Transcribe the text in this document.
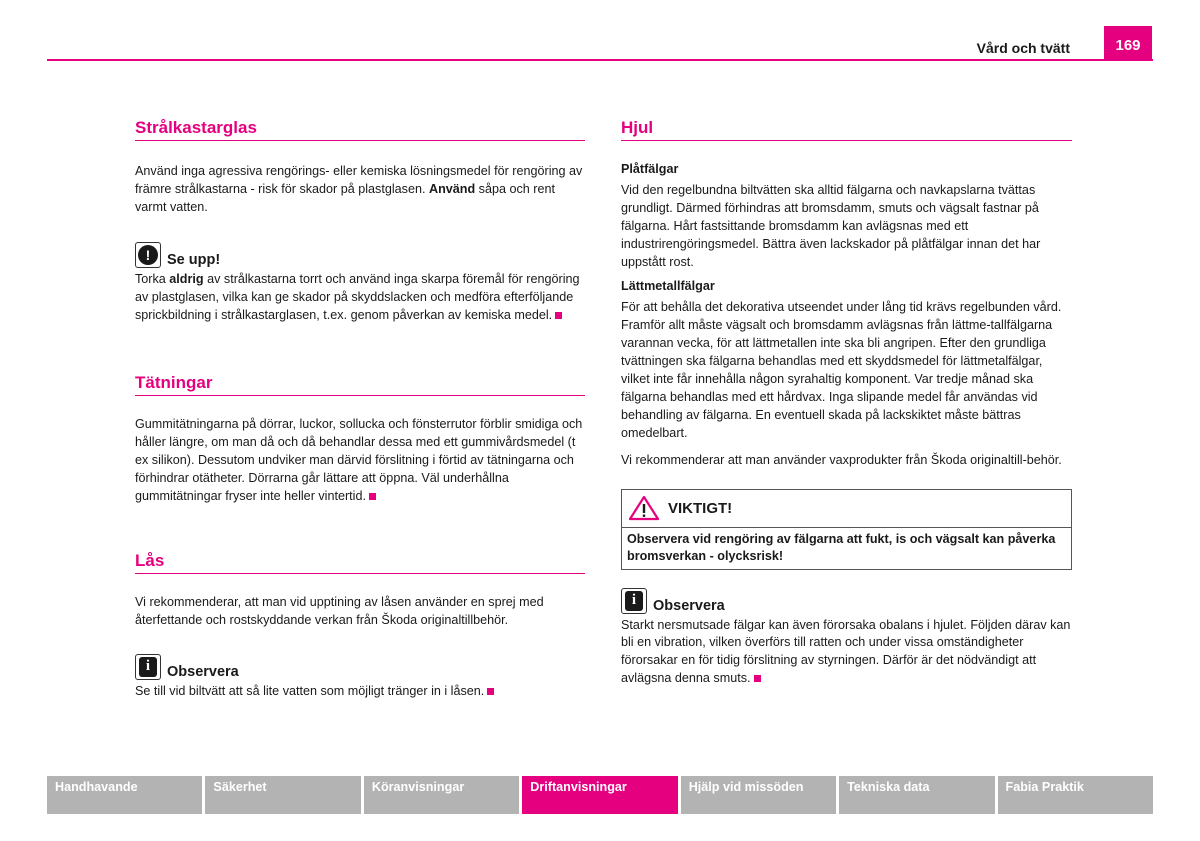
Vård och tvätt	169
Strålkastarglas

Använd inga agressiva rengörings- eller kemiska lösningsmedel för rengöring av främre strålkastarna - risk för skador på plastglasen. Använd såpa och rent varmt vatten.

!	Se upp!

Torka aldrig av strålkastarna torrt och använd inga skarpa föremål för rengöring av plastglasen, vilka kan ge skador på skyddslacken och medföra efterföljande sprickbildning i strålkastarglasen, t.ex. genom påverkan av kemiska medel.

Tätningar

Gummitätningarna på dörrar, luckor, sollucka och fönsterrutor förblir smidiga och håller längre, om man då och då behandlar dessa med ett gummivårdsmedel (t ex silikon). Dessutom undviker man därvid förslitning i förtid av tätningarna och förhindrar otätheter. Dörrarna går lättare att öppna. Väl underhållna gummitätningar fryser inte heller vintertid.

Lås

Vi rekommenderar, att man vid upptining av låsen använder en sprej med återfettande och rostskyddande verkan från Škoda originaltillbehör.

i	Observera

Se till vid biltvätt att så lite vatten som möjligt tränger in i låsen.

Hjul
Plåtfälgar

Vid den regelbundna biltvätten ska alltid fälgarna och navkapslarna tvättas grundligt. Därmed förhindras att bromsdamm, smuts och vägsalt fastnar på fälgarna. Hårt fastsittande bromsdamm kan avlägsnas med ett industrirengöringsmedel. Bättra även lackskador på plåtfälgar innan det har uppstått rost.

Lättmetallfälgar

För att behålla det dekorativa utseendet under lång tid krävs regelbunden vård. Framför allt måste vägsalt och bromsdamm avlägsnas från lättme-tallfälgarna varannan vecka, för att lättmetallen inte ska bli angripen. Efter den grundliga tvättningen ska fälgarna behandlas med ett skyddsmedel för lättmetalfälgar, vilket inte får innehålla någon syrahaltig komponent. Var tredje månad ska fälgarna behandlas med ett hårdvax. Inga slipande medel får användas vid behandling av fälgarna. En eventuell skada på lackskiktet måste bättras omedelbart.

Vi rekommenderar att man använder vaxprodukter från Škoda originaltill-behör.

VIKTIGT!
Observera vid rengöring av fälgarna att fukt, is och vägsalt kan påverka bromsverkan - olycksrisk!
i	Observera

Starkt nersmutsade fälgar kan även förorsaka obalans i hjulet. Följden därav kan bli en vibration, vilken överförs till ratten och under vissa omständigheter förorsakar en för tidig förslitning av styrningen. Därför är det nödvändigt att avlägsna denna smuts.

Handhavande	Säkerhet	Köranvisningar	Driftanvisningar	Hjälp vid missöden	Tekniska data	Fabia Praktik
